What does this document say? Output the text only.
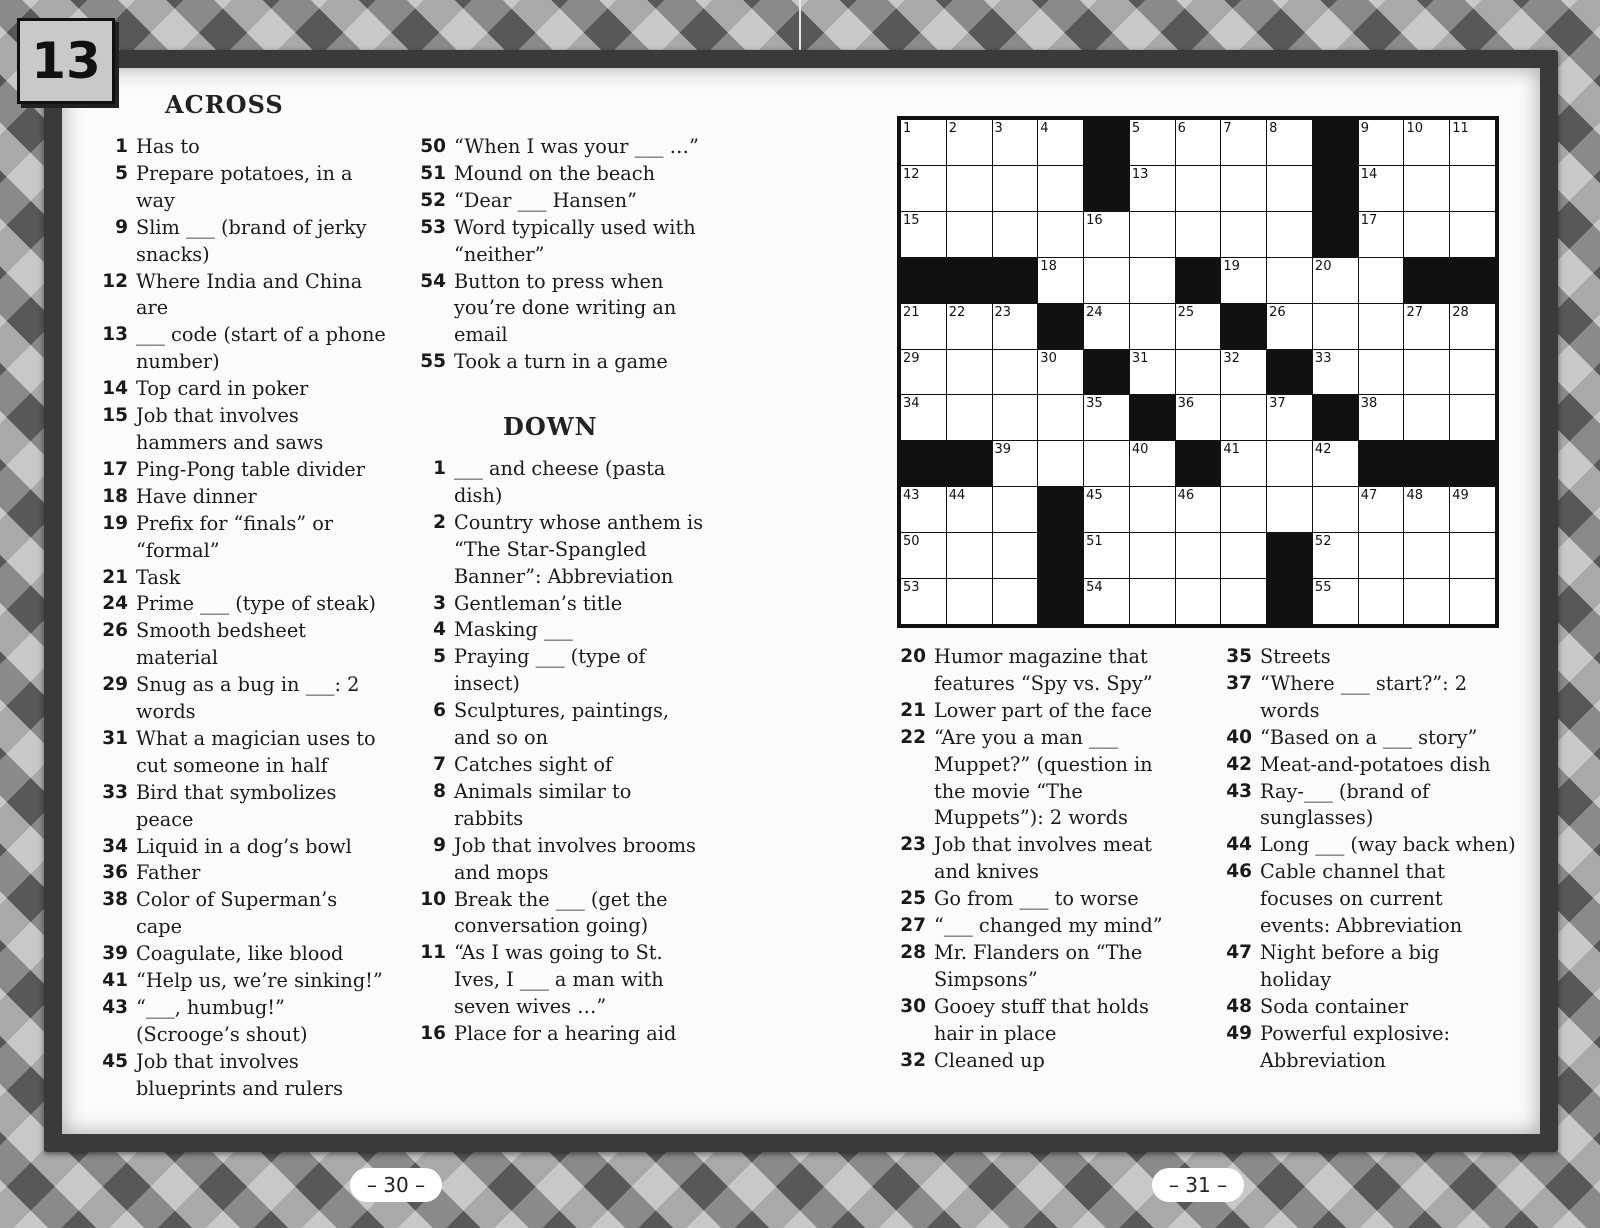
13
ACROSS
DOWN
1 Has to
5 Prepare potatoes, in a way
9 Slim ___ (brand of jerky snacks)
12 Where India and China are
13 ___ code (start of a phone number)
14 Top card in poker
15 Job that involves hammers and saws
17 Ping-Pong table divider
18 Have dinner
19 Prefix for “finals” or “formal”
21 Task
24 Prime ___ (type of steak)
26 Smooth bedsheet material
29 Snug as a bug in ___: 2 words
31 What a magician uses to cut someone in half
33 Bird that symbolizes peace
34 Liquid in a dog’s bowl
36 Father
38 Color of Superman’s cape
39 Coagulate, like blood
41 “Help us, we’re sinking!”
43 “___, humbug!” (Scrooge’s shout)
45 Job that involves blueprints and rulers
50 “When I was your ___ …”
51 Mound on the beach
52 “Dear ___ Hansen”
53 Word typically used with “neither”
54 Button to press when you’re done writing an email
55 Took a turn in a game
1 ___ and cheese (pasta dish)
2 Country whose anthem is “The Star-Spangled Banner”: Abbreviation
3 Gentleman’s title
4 Masking ___
5 Praying ___ (type of insect)
6 Sculptures, paintings, and so on
7 Catches sight of
8 Animals similar to rabbits
9 Job that involves brooms and mops
10 Break the ___ (get the conversation going)
11 “As I was going to St. Ives, I ___ a man with seven wives …”
16 Place for a hearing aid
20 Humor magazine that features “Spy vs. Spy”
21 Lower part of the face
22 “Are you a man ___ Muppet?” (question in the movie “The Muppets”): 2 words
23 Job that involves meat and knives
25 Go from ___ to worse
27 “___ changed my mind”
28 Mr. Flanders on “The Simpsons”
30 Gooey stuff that holds hair in place
32 Cleaned up
35 Streets
37 “Where ___ start?”: 2 words
40 “Based on a ___ story”
42 Meat-and-potatoes dish
43 Ray-___ (brand of sunglasses)
44 Long ___ (way back when)
46 Cable channel that focuses on current events: Abbreviation
47 Night before a big holiday
48 Soda container
49 Powerful explosive: Abbreviation
1	2	3	4	5	6	7	8	9	10 11
12	13	14
15	16	17
18	19	20
21 22 23	24	25	26	27 28
29	30	31	32	33
34	35	36	37	38
39	40	41	42
43 44	45	46	47 48 49
50	51	52
53	54	55
– 30 –	– 31 –
